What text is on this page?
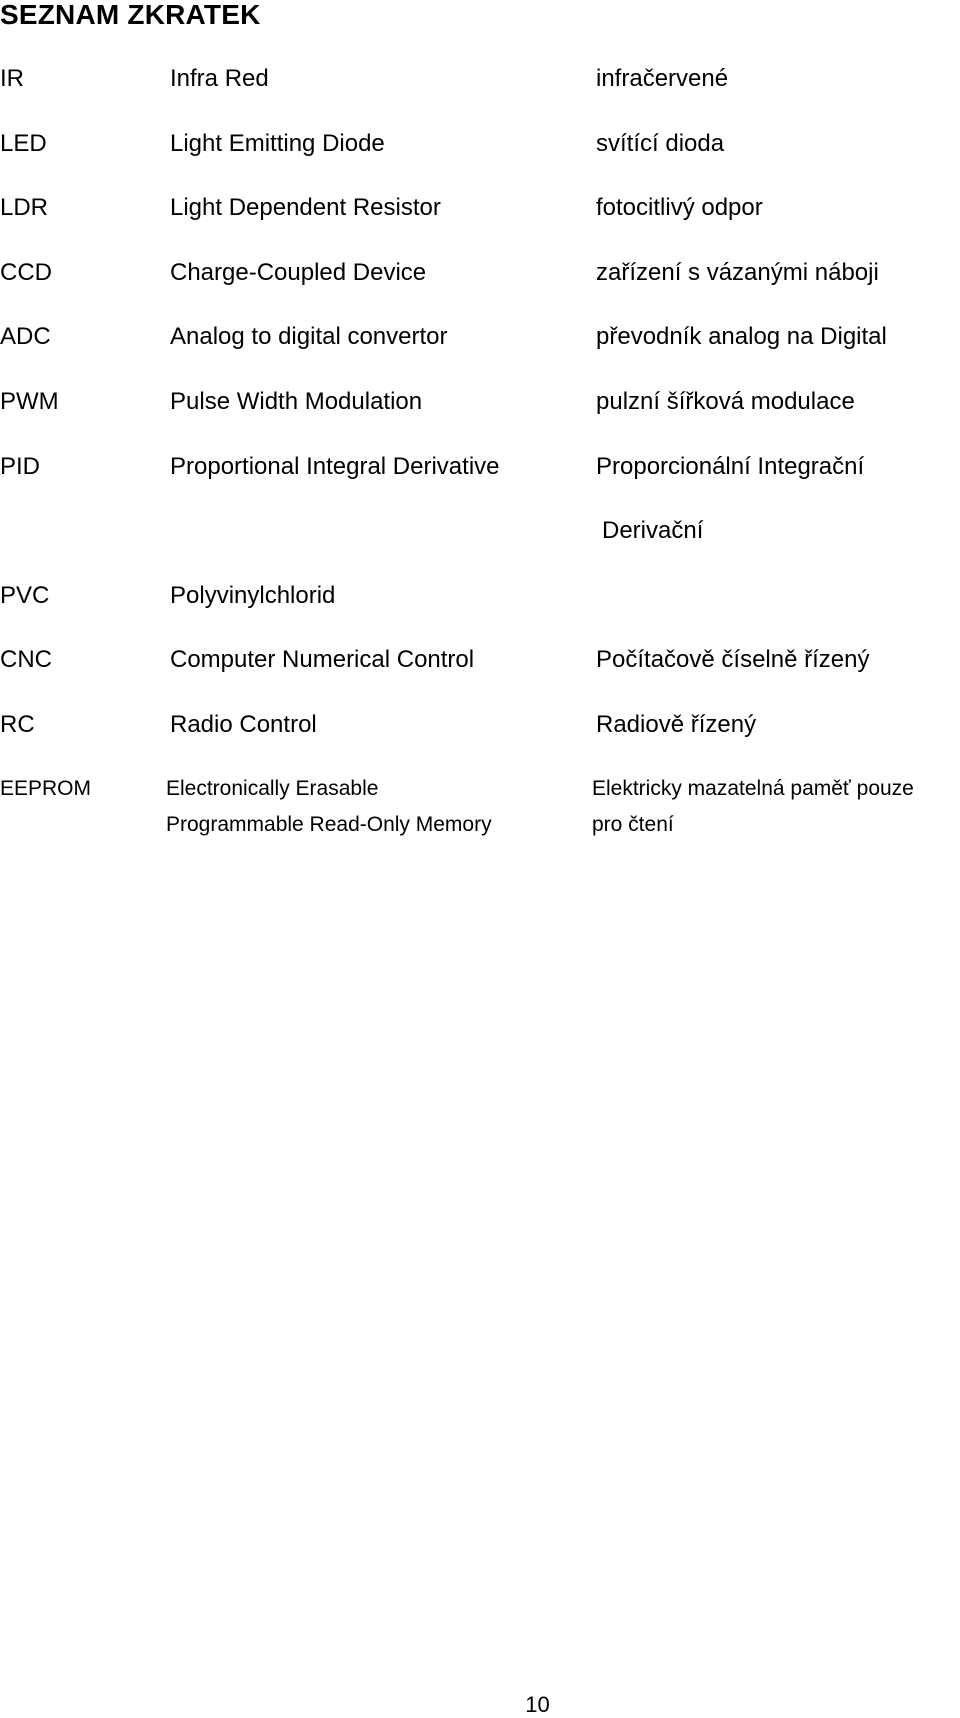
SEZNAM ZKRATEK
IR	Infra Red	infračervené
LED	Light Emitting Diode	svítící dioda
LDR	Light Dependent Resistor	fotocitlivý odpor
CCD	Charge-Coupled Device	zařízení s vázanými náboji
ADC	Analog to digital convertor	převodník analog na Digital
PWM	Pulse Width Modulation	pulzní šířková modulace
PID	Proportional Integral Derivative	Proporcionální Integrační
Derivační
PVC	Polyvinylchlorid
CNC	Computer Numerical Control	Počítačově číselně řízený
RC	Radio Control	Radiově řízený
EEPROM	Electronically Erasable	Elektricky mazatelná paměť pouze
Programmable Read-Only Memory	pro čtení
10
